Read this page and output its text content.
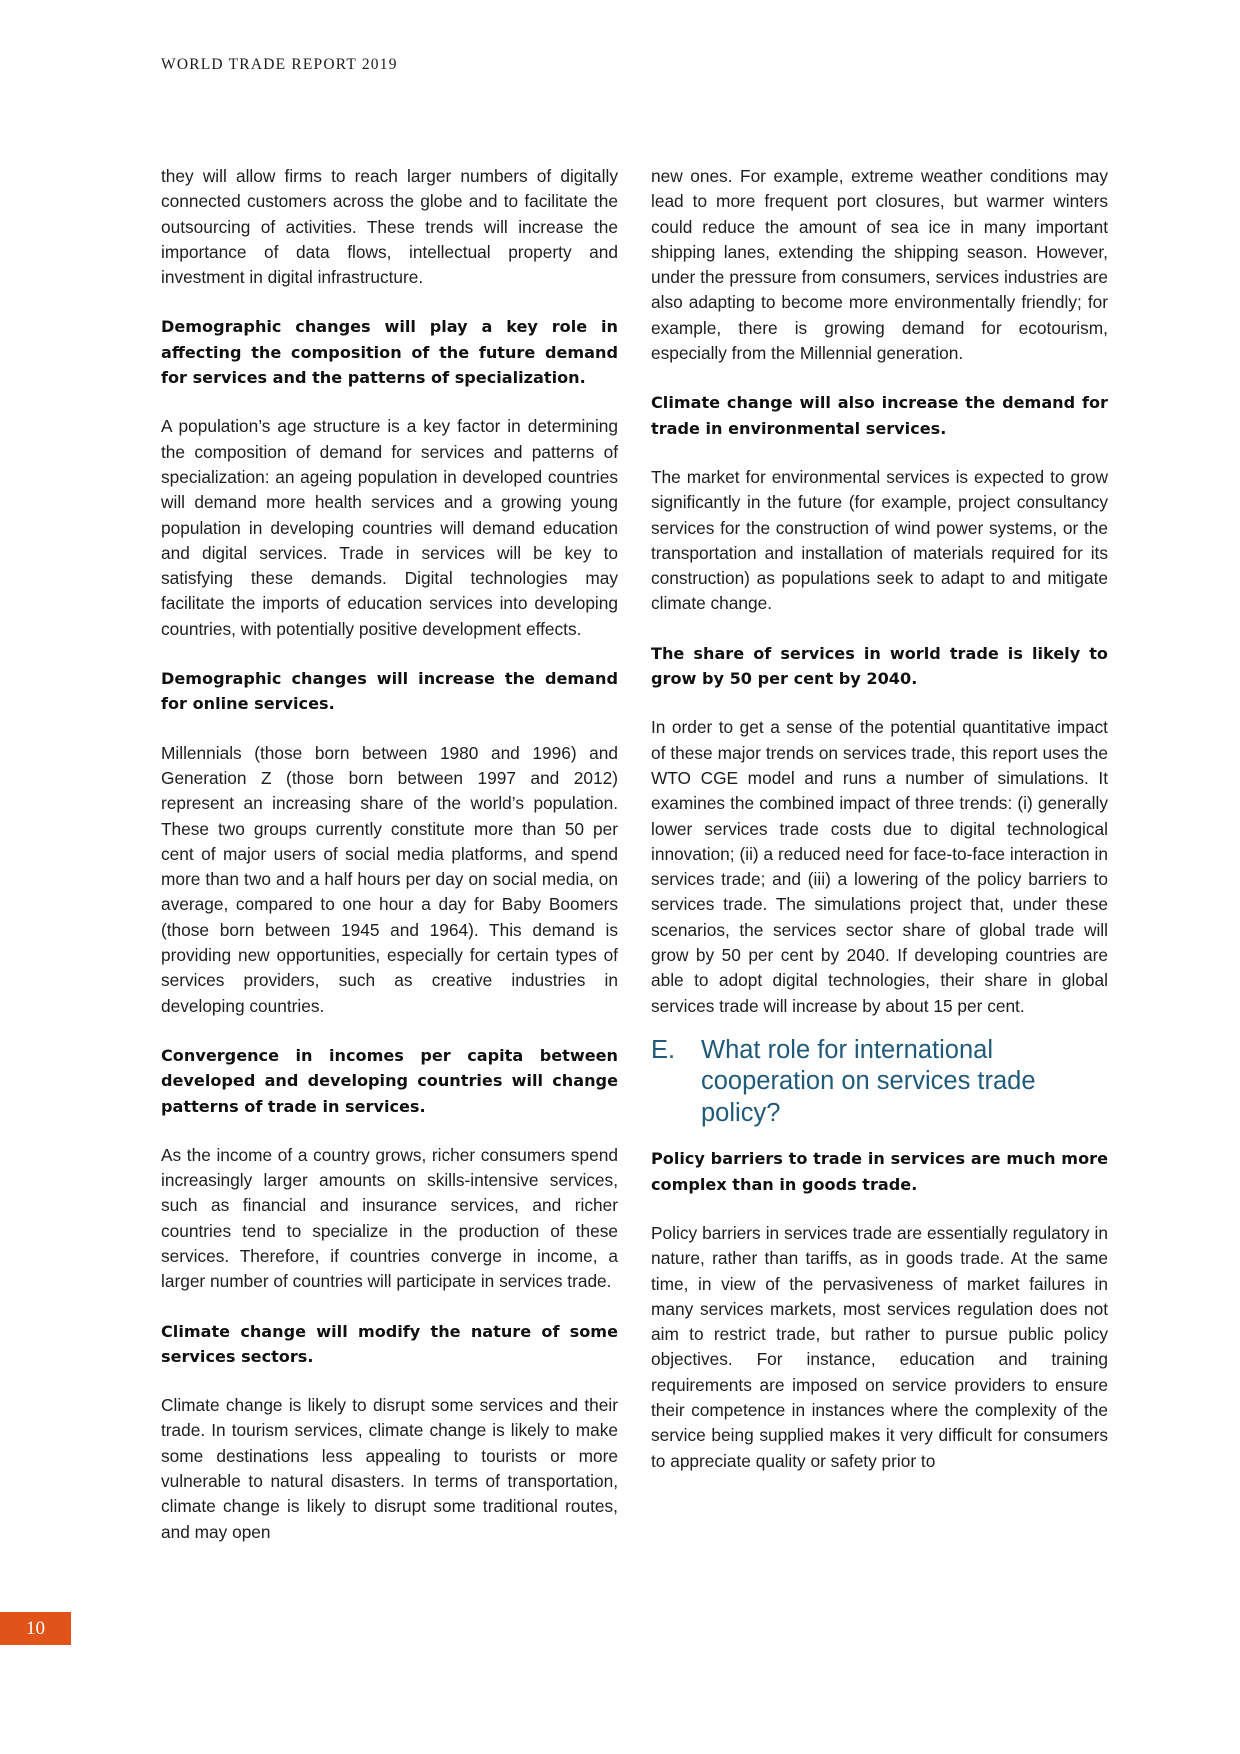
WORLD TRADE REPORT 2019

they will allow firms to reach larger numbers of digitally connected customers across the globe and to facilitate the outsourcing of activities. These trends will increase the importance of data flows, intellectual property and investment in digital infrastructure.

Demographic changes will play a key role in affecting the composition of the future demand for services and the patterns of specialization.

A population’s age structure is a key factor in determining the composition of demand for services and patterns of specialization: an ageing population in developed countries will demand more health services and a growing young population in developing countries will demand education and digital services. Trade in services will be key to satisfying these demands. Digital technologies may facilitate the imports of education services into developing countries, with potentially positive development effects.

Demographic changes will increase the demand for online services.

Millennials (those born between 1980 and 1996) and Generation Z (those born between 1997 and 2012) represent an increasing share of the world’s population. These two groups currently constitute more than 50 per cent of major users of social media platforms, and spend more than two and a half hours per day on social media, on average, compared to one hour a day for Baby Boomers (those born between 1945 and 1964). This demand is providing new opportunities, especially for certain types of services providers, such as creative industries in developing countries.

Convergence in incomes per capita between developed and developing countries will change patterns of trade in services.

As the income of a country grows, richer consumers spend increasingly larger amounts on skills-intensive services, such as financial and insurance services, and richer countries tend to specialize in the production of these services. Therefore, if countries converge in income, a larger number of countries will participate in services trade.

Climate change will modify the nature of some services sectors.

Climate change is likely to disrupt some services and their trade. In tourism services, climate change is likely to make some destinations less appealing to tourists or more vulnerable to natural disasters. In terms of transportation, climate change is likely to disrupt some traditional routes, and may open

new ones. For example, extreme weather conditions may lead to more frequent port closures, but warmer winters could reduce the amount of sea ice in many important shipping lanes, extending the shipping season. However, under the pressure from consumers, services industries are also adapting to become more environmentally friendly; for example, there is growing demand for ecotourism, especially from the Millennial generation.

Climate change will also increase the demand for trade in environmental services.

The market for environmental services is expected to grow significantly in the future (for example, project consultancy services for the construction of wind power systems, or the transportation and installation of materials required for its construction) as populations seek to adapt to and mitigate climate change.

The share of services in world trade is likely to grow by 50 per cent by 2040.

In order to get a sense of the potential quantitative impact of these major trends on services trade, this report uses the WTO CGE model and runs a number of simulations. It examines the combined impact of three trends: (i) generally lower services trade costs due to digital technological innovation; (ii) a reduced need for face-to-face interaction in services trade; and (iii) a lowering of the policy barriers to services trade. The simulations project that, under these scenarios, the services sector share of global trade will grow by 50 per cent by 2040. If developing countries are able to adopt digital technologies, their share in global services trade will increase by about 15 per cent.

E.	What role for international cooperation on services trade policy?

Policy barriers to trade in services are much more complex than in goods trade.

Policy barriers in services trade are essentially regulatory in nature, rather than tariffs, as in goods trade. At the same time, in view of the pervasiveness of market failures in many services markets, most services regulation does not aim to restrict trade, but rather to pursue public policy objectives. For instance, education and training requirements are imposed on service providers to ensure their competence in instances where the complexity of the service being supplied makes it very difficult for consumers to appreciate quality or safety prior to

10
